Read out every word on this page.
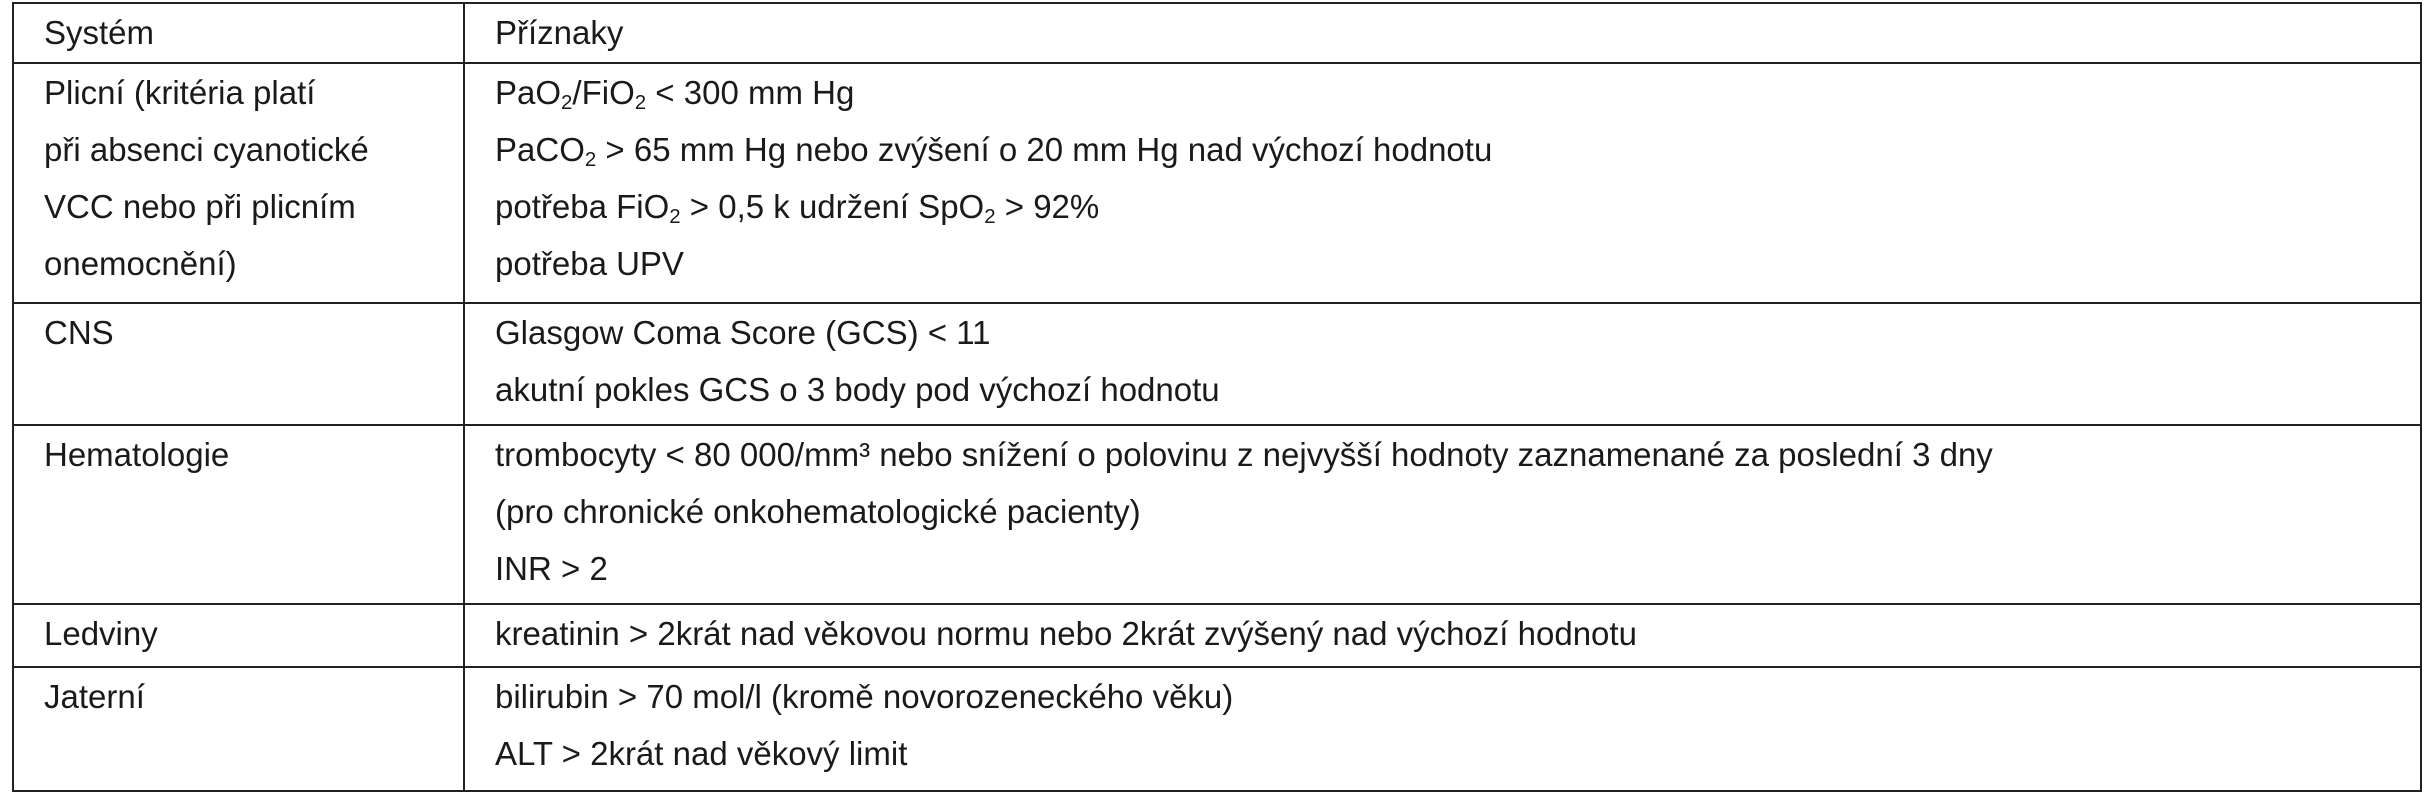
Systém	Příznaky

Plicní (kritéria platí
při absenci cyanotické
VCC nebo při plicním
onemocnění)	PaO$_2$/FiO$_2$ < 300 mm Hg
PaCO$_2$ > 65 mm Hg nebo zvýšení o 20 mm Hg nad výchozí hodnotu
potřeba FiO$_2$ > 0,5 k udržení SpO$_2$ > 92%
potřeba UPV

CNS	Glasgow Coma Score (GCS) < 11
akutní pokles GCS o 3 body pod výchozí hodnotu

Hematologie	trombocyty < 80 000/mm³ nebo snížení o polovinu z nejvyšší hodnoty zaznamenané za poslední 3 dny
(pro chronické onkohematologické pacienty)
INR > 2

Ledviny	kreatinin > 2krát nad věkovou normu nebo 2krát zvýšený nad výchozí hodnotu

Jaterní	bilirubin > 70 mol/l (kromě novorozeneckého věku)
ALT > 2krát nad věkový limit
